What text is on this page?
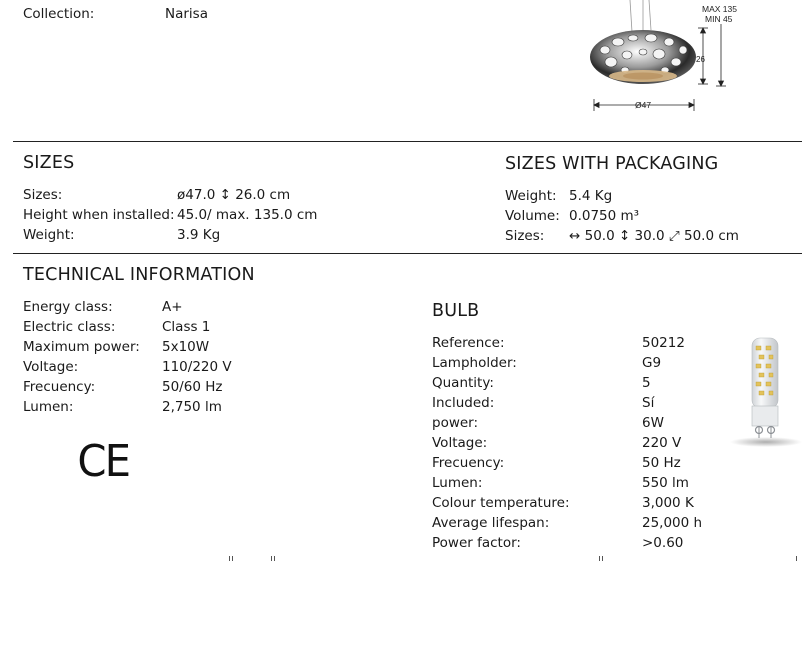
Collection:	Narisa
26
MAX 135
MIN 45
Ø47
SIZES
Sizes:	ø47.0 ↕ 26.0 cm
Height when installed: 45.0/ max. 135.0 cm
Weight:	3.9 Kg
SIZES WITH PACKAGING
Weight: 5.4 Kg
Volume: 0.0750 m³
Sizes: ↔ 50.0 ↕ 30.0 ⤢ 50.0 cm
TECHNICAL INFORMATION
Energy class:	A+
Electric class:	Class 1
Maximum power: 5x10W
Voltage:	110/220 V
Frecuency:	50/60 Hz
Lumen:	2,750 lm
CE
BULB
Reference:	50212
Lampholder:	G9
Quantity:	5
Included:	Sí
power:	6W
Voltage:	220 V
Frecuency:	50 Hz
Lumen:	550 lm
Colour temperature:	3,000 K
Average lifespan:	25,000 h
Power factor:	>0.60
